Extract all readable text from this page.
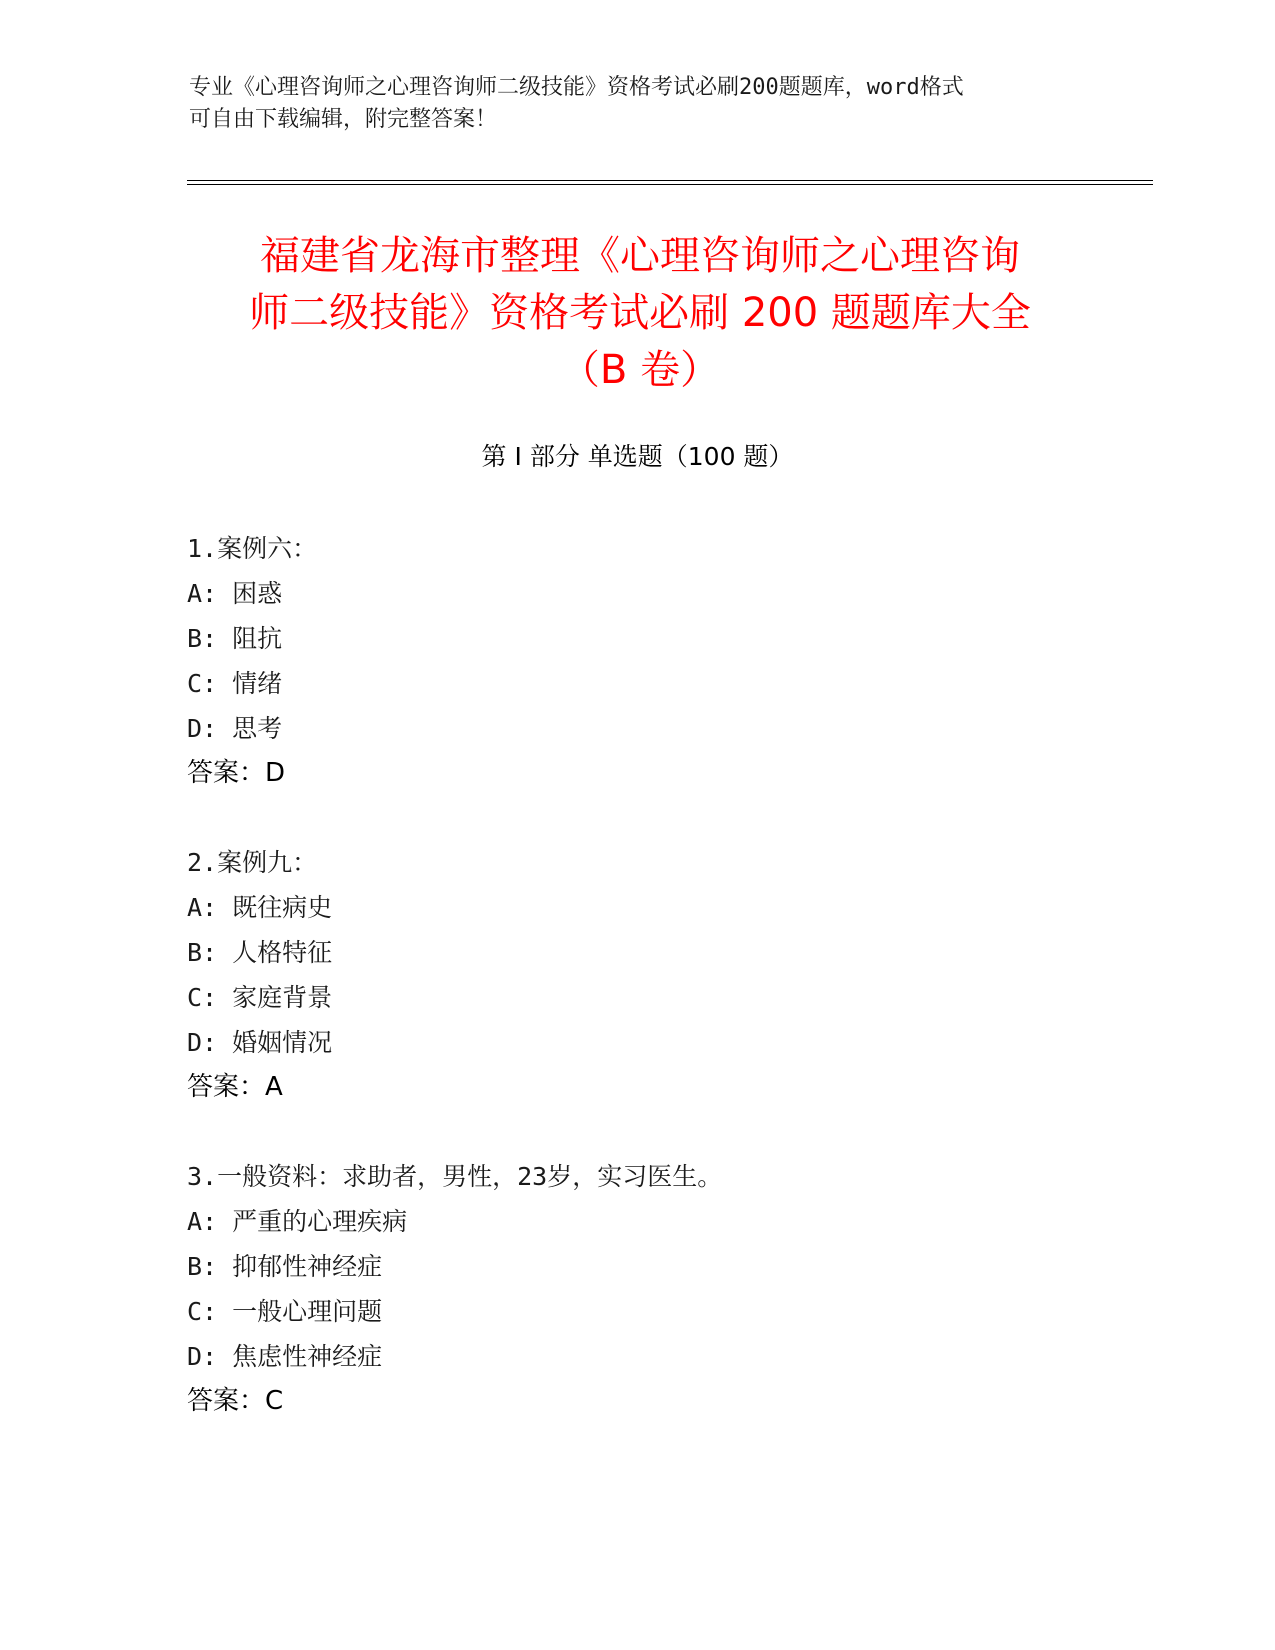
专业《心理咨询师之心理咨询师二级技能》资格考试必刷200题题库，word格式
可自由下载编辑，附完整答案！
福建省龙海市整理《心理咨询师之心理咨询
师二级技能》资格考试必刷 200 题题库大全
（B 卷）
第 I 部分 单选题（100 题）
1.案例六：
A: 困惑
B: 阻抗
C: 情绪
D: 思考
答案：D
2.案例九：
A: 既往病史
B: 人格特征
C: 家庭背景
D: 婚姻情况
答案：A
3.一般资料：求助者，男性，23岁，实习医生。
A: 严重的心理疾病
B: 抑郁性神经症
C: 一般心理问题
D: 焦虑性神经症
答案：C
